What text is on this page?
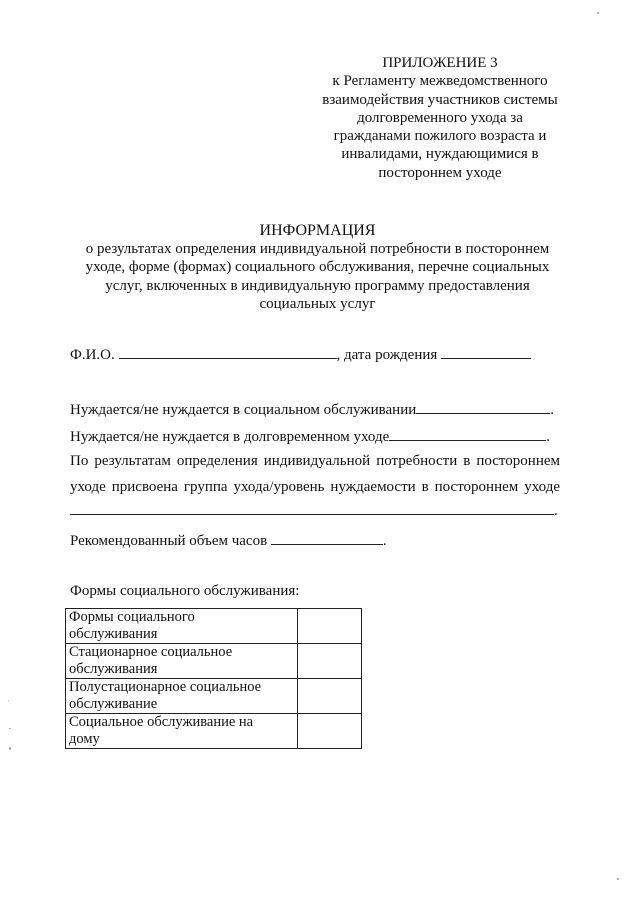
ПРИЛОЖЕНИЕ 3
к Регламенту межведомственного
взаимодействия участников системы
долговременного ухода за
гражданами пожилого возраста и
инвалидами, нуждающимися в
постороннем уходе
ИНФОРМАЦИЯ
о результатах определения индивидуальной потребности в постороннем
уходе, форме (формах) социального обслуживания, перечне социальных
услуг, включенных в индивидуальную программу предоставления
социальных услуг
Ф.И.О.	, дата рождения
Нуждается/не нуждается в социальном обслуживании	.
Нуждается/не нуждается в долговременном уходе	.
По результатам определения индивидуальной потребности в постороннем
уходе присвоена группа ухода/уровень нуждаемости в постороннем уходе
.
Рекомендованный объем часов	.
Формы социального обслуживания:
Формы социального
обслуживания	
Стационарное социальное
обслуживания	
Полустационарное социальное
обслуживание	
Социальное обслуживание на
дому	
